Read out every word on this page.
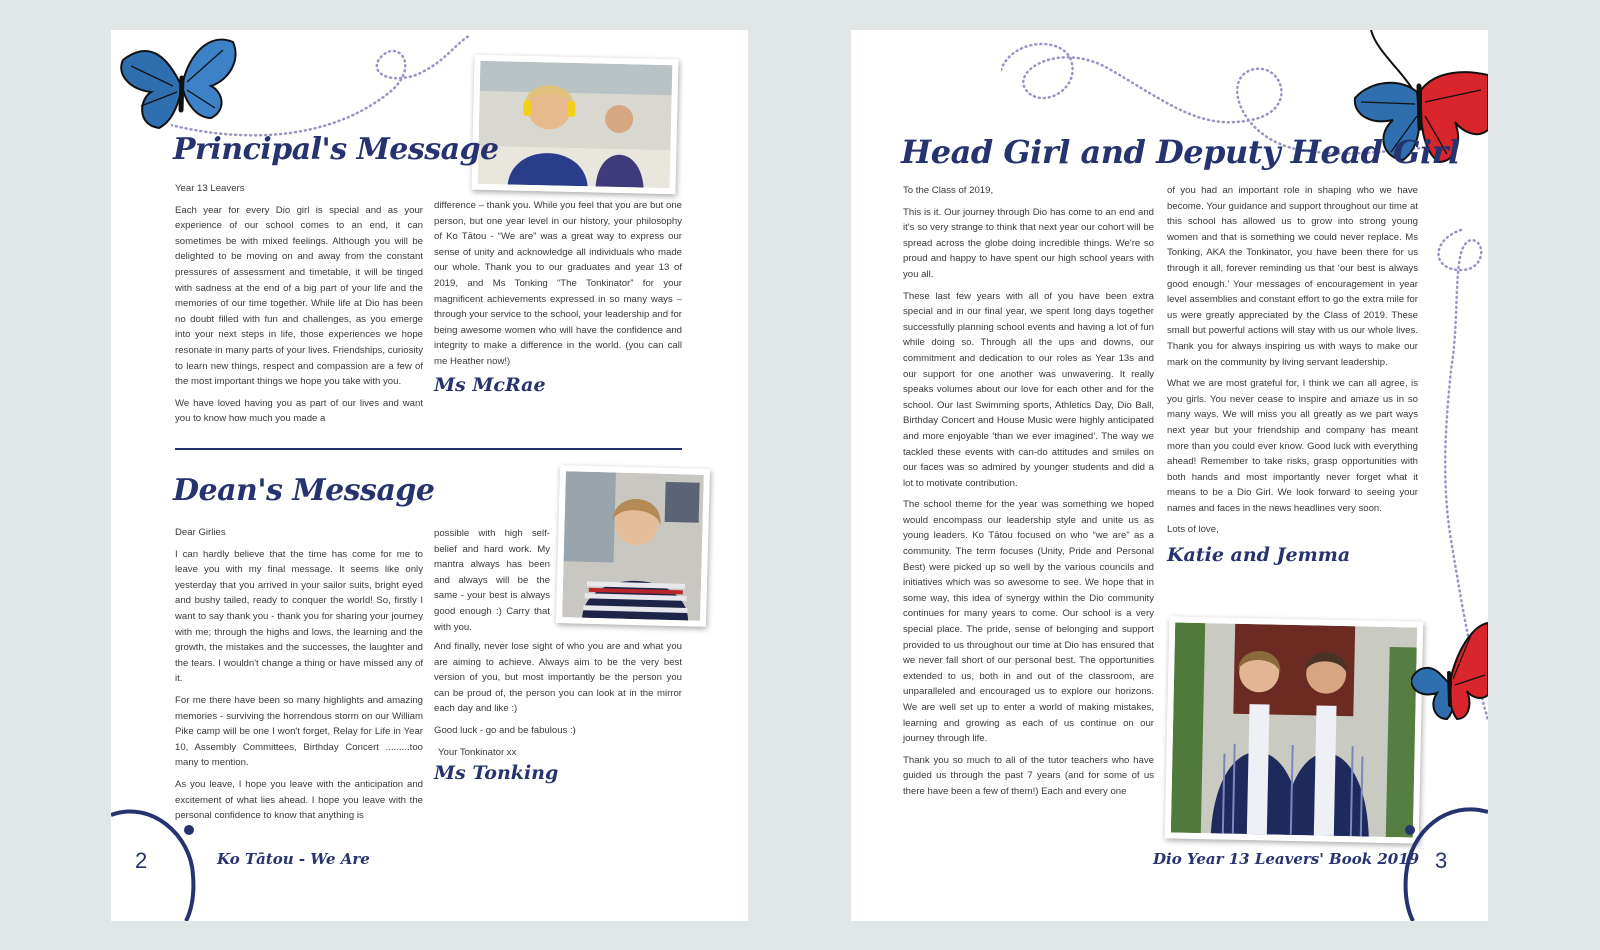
Principal's Message

Year 13 Leavers

Each year for every Dio girl is special and as your experience of our school comes to an end, it can sometimes be with mixed feelings. Although you will be delighted to be moving on and away from the constant pressures of assessment and timetable, it will be tinged with sadness at the end of a big part of your life and the memories of our time together. While life at Dio has been no doubt filled with fun and challenges, as you emerge into your next steps in life, those experiences we hope resonate in many parts of your lives. Friendships, curiosity to learn new things, respect and compassion are a few of the most important things we hope you take with you.

We have loved having you as part of our lives and want you to know how much you made a

difference – thank you. While you feel that you are but one person, but one year level in our history, your philosophy of Ko Tātou - “We are” was a great way to express our sense of unity and acknowledge all individuals who made our whole. Thank you to our graduates and year 13 of 2019, and Ms Tonking “The Tonkinator” for your magnificent achievements expressed in so many ways – through your service to the school, your leadership and for being awesome women who will have the confidence and integrity to make a difference in the world. (you can call me Heather now!)

Ms McRae
Dean's Message

Dear Girlies

I can hardly believe that the time has come for me to leave you with my final message. It seems like only yesterday that you arrived in your sailor suits, bright eyed and bushy tailed, ready to conquer the world! So, firstly I want to say thank you - thank you for sharing your journey with me; through the highs and lows, the learning and the growth, the mistakes and the successes, the laughter and the tears. I wouldn't change a thing or have missed any of it.

For me there have been so many highlights and amazing memories - surviving the horrendous storm on our William Pike camp will be one I won't forget, Relay for Life in Year 10, Assembly Committees, Birthday Concert .........too many to mention.

As you leave, I hope you leave with the anticipation and excitement of what lies ahead. I hope you leave with the personal confidence to know that anything is

possible with high self-belief and hard work. My mantra always has been and always will be the same - your best is always good enough :) Carry that with you.

And finally, never lose sight of who you are and what you are aiming to achieve. Always aim to be the very best version of you, but most importantly be the person you can be proud of, the person you can look at in the mirror each day and like :)

Good luck - go and be fabulous :)

Your Tonkinator xx

Ms Tonking
2	Ko Tātou - We Are
Head Girl and Deputy Head Girl

To the Class of 2019,

This is it. Our journey through Dio has come to an end and it's so very strange to think that next year our cohort will be spread across the globe doing incredible things. We're so proud and happy to have spent our high school years with you all.

These last few years with all of you have been extra special and in our final year, we spent long days together successfully planning school events and having a lot of fun while doing so. Through all the ups and downs, our commitment and dedication to our roles as Year 13s and our support for one another was unwavering. It really speaks volumes about our love for each other and for the school. Our last Swimming sports, Athletics Day, Dio Ball, Birthday Concert and House Music were highly anticipated and more enjoyable ‘than we ever imagined’. The way we tackled these events with can-do attitudes and smiles on our faces was so admired by younger students and did a lot to motivate contribution.

The school theme for the year was something we hoped would encompass our leadership style and unite us as young leaders. Ko Tātou focused on who “we are” as a community. The term focuses (Unity, Pride and Personal Best) were picked up so well by the various councils and initiatives which was so awesome to see. We hope that in some way, this idea of synergy within the Dio community continues for many years to come. Our school is a very special place. The pride, sense of belonging and support provided to us throughout our time at Dio has ensured that we never fall short of our personal best. The opportunities extended to us, both in and out of the classroom, are unparalleled and encouraged us to explore our horizons. We are well set up to enter a world of making mistakes, learning and growing as each of us continue on our journey through life.

Thank you so much to all of the tutor teachers who have guided us through the past 7 years (and for some of us there have been a few of them!) Each and every one

of you had an important role in shaping who we have become. Your guidance and support throughout our time at this school has allowed us to grow into strong young women and that is something we could never replace. Ms Tonking, AKA the Tonkinator, you have been there for us through it all, forever reminding us that ‘our best is always good enough.’ Your messages of encouragement in year level assemblies and constant effort to go the extra mile for us were greatly appreciated by the Class of 2019. These small but powerful actions will stay with us our whole lives. Thank you for always inspiring us with ways to make our mark on the community by living servant leadership.

What we are most grateful for, I think we can all agree, is you girls. You never cease to inspire and amaze us in so many ways. We will miss you all greatly as we part ways next year but your friendship and company has meant more than you could ever know. Good luck with everything ahead! Remember to take risks, grasp opportunities with both hands and most importantly never forget what it means to be a Dio Girl. We look forward to seeing your names and faces in the news headlines very soon.

Lots of love,

Katie and Jemma
Dio Year 13 Leavers' Book 2019 3
